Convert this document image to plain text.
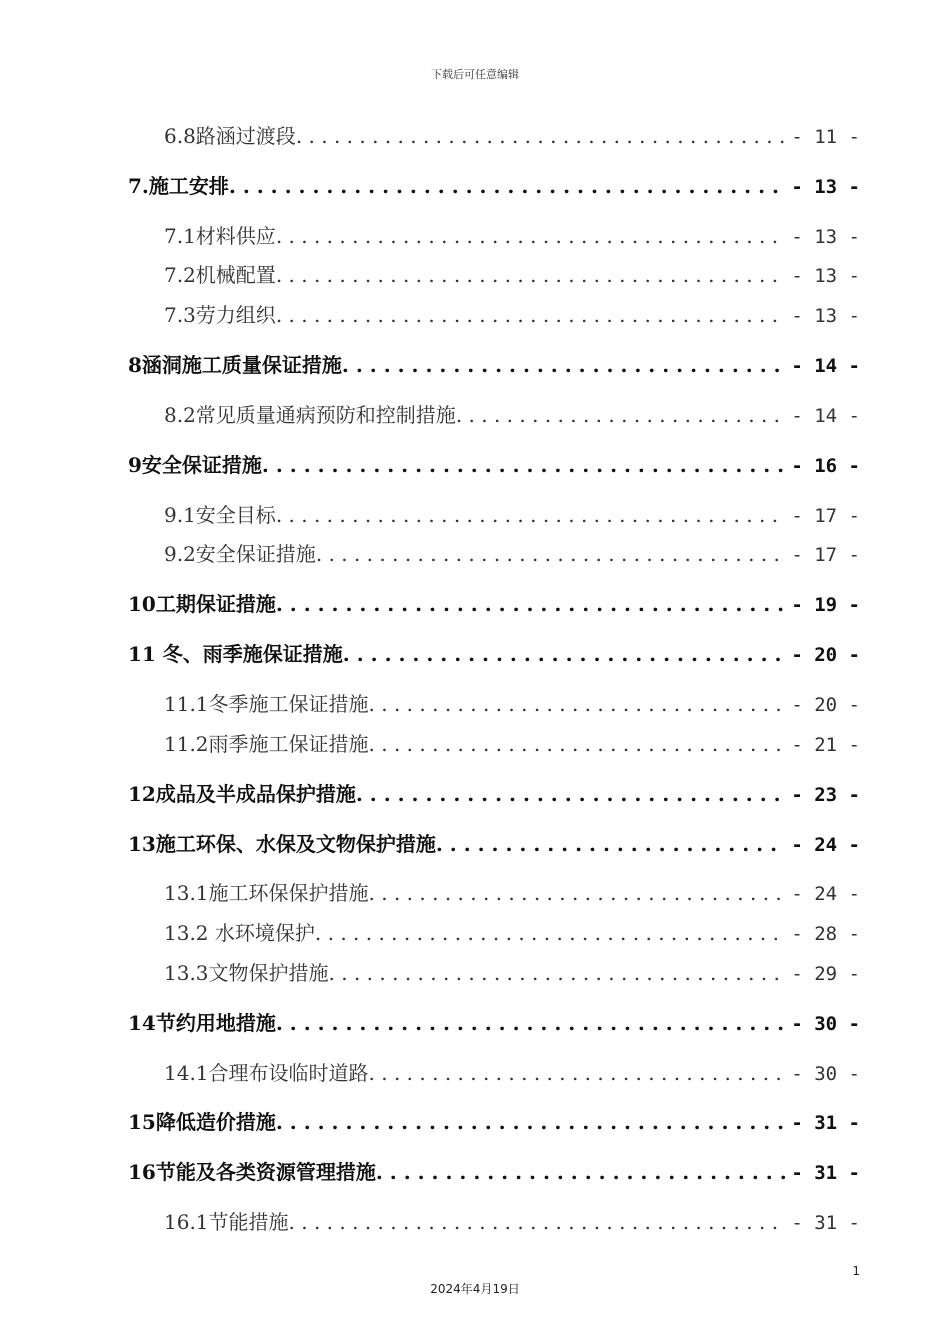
下载后可任意编辑
6.8路涵过渡段 . . .	- 11 -
7.施工安排 . . .	- 13 -
7.1材料供应 . . .	- 13 -
7.2机械配置 . . .	- 13 -
7.3劳力组织 . . .	- 13 -
8涵洞施工质量保证措施 . . .	- 14 -
8.2常见质量通病预防和控制措施 . . .	- 14 -
9安全保证措施 . . .	- 16 -
9.1安全目标 . . .	- 17 -
9.2安全保证措施 . . .	- 17 -
10工期保证措施 . . .	- 19 -
11 冬、雨季施保证措施 . . .	- 20 -
11.1冬季施工保证措施 . . .	- 20 -
11.2雨季施工保证措施 . . .	- 21 -
12成品及半成品保护措施 . . .	- 23 -
13施工环保、水保及文物保护措施 . . .	- 24 -
13.1施工环保保护措施 . . .	- 24 -
13.2 水环境保护 . . .	- 28 -
13.3文物保护措施 . . .	- 29 -
14节约用地措施 . . .	- 30 -
14.1合理布设临时道路 . . .	- 30 -
15降低造价措施 . . .	- 31 -
16节能及各类资源管理措施 . . .	- 31 -
16.1节能措施 . . .	- 31 -
1
2024年4月19日
